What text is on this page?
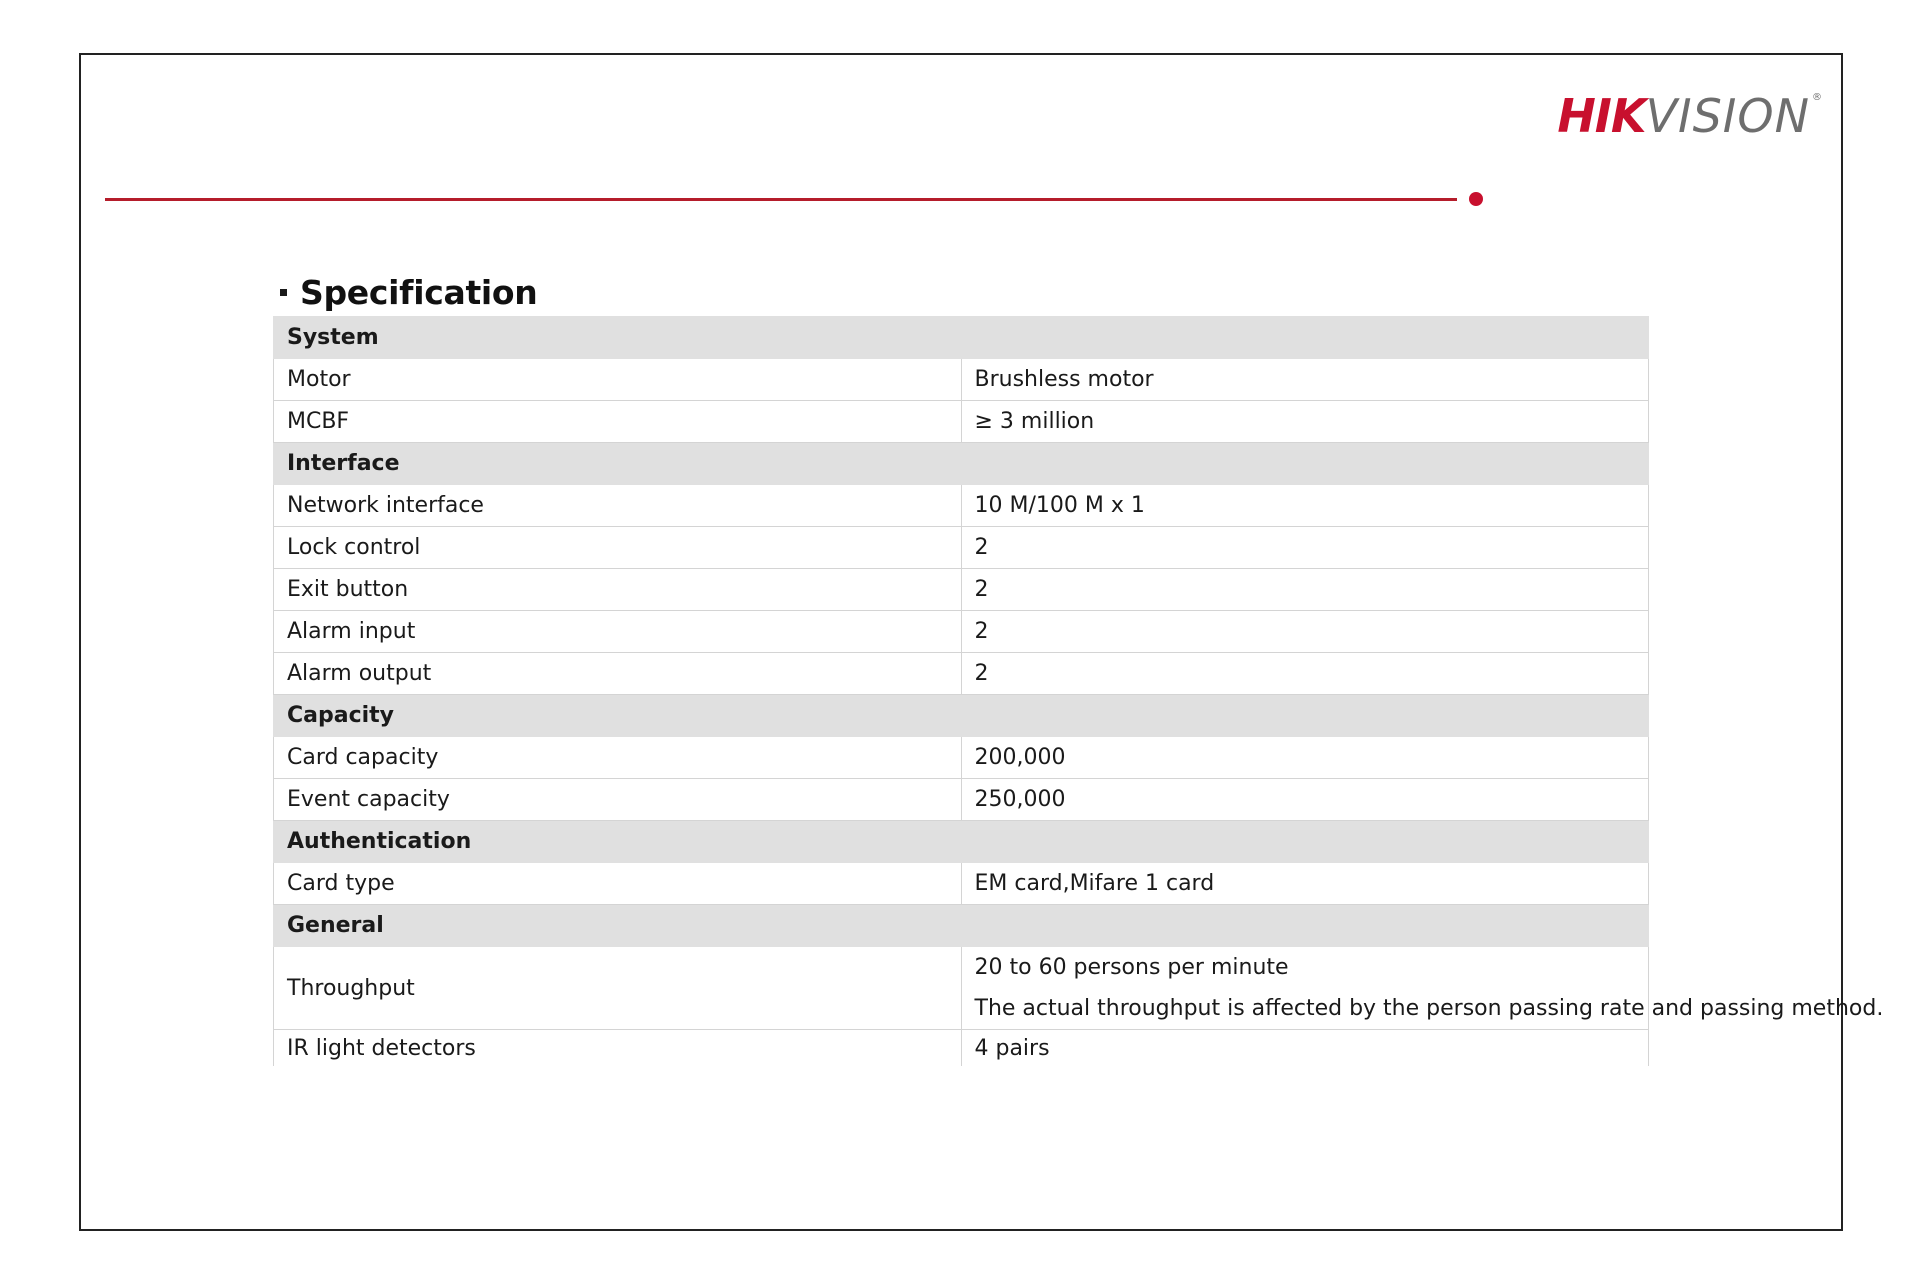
HIKVISION ®
Specification
System	
Motor	Brushless motor
MCBF	≥ 3 million
Interface	
Network interface	10 M/100 M x 1
Lock control	2
Exit button	2
Alarm input	2
Alarm output	2
Capacity	
Card capacity	200,000
Event capacity	250,000
Authentication	
Card type	EM card,Mifare 1 card
General	
Throughput	20 to 60 persons per minute
The actual throughput is affected by the person passing rate and passing method.

IR light detectors	4 pairs
